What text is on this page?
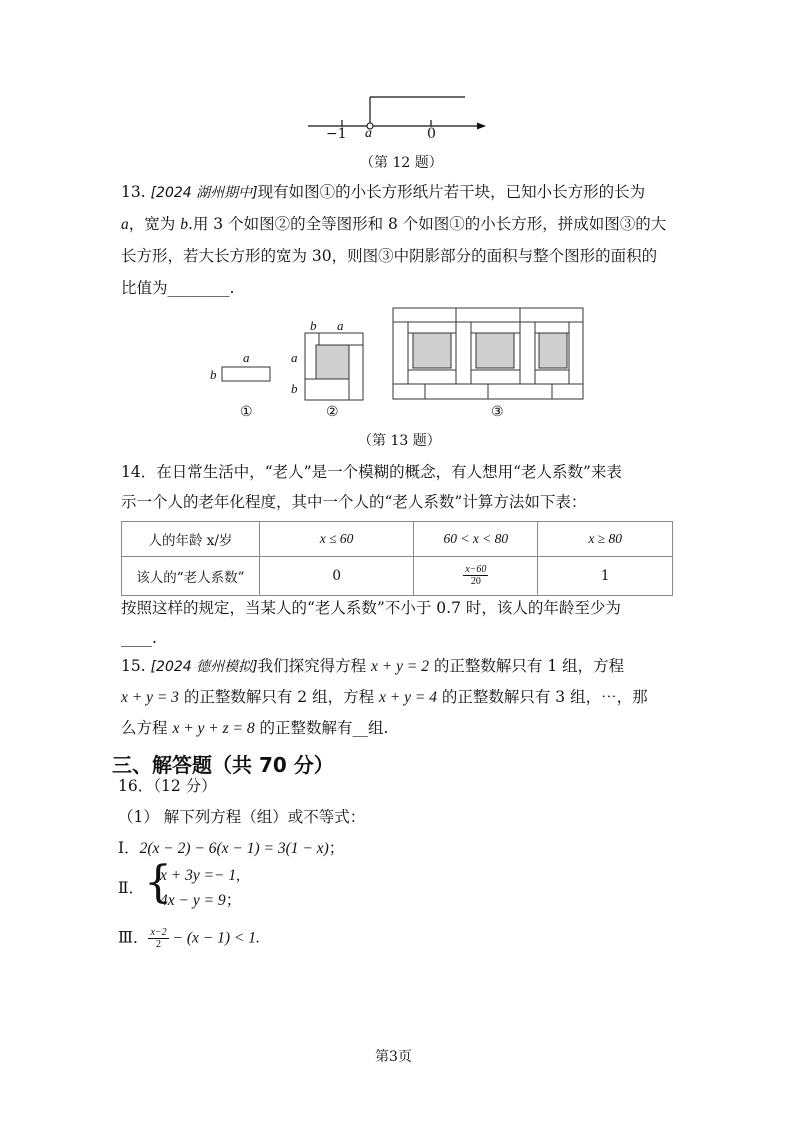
−1 a	0
（第 12 题）
13. [2024 湖州期中]现有如图①的小长方形纸片若干块，已知小长方形的长为
a，宽为 b.用 3 个如图②的全等图形和 8 个如图①的小长方形，拼成如图③的大
长方形，若大长方形的宽为 30，则图③中阴影部分的面积与整个图形的面积的
比值为________.
a
b
b a
a
b
①	②	③
（第 13 题）
14．在日常生活中，“老人”是一个模糊的概念，有人想用“老人系数”来表
示一个人的老年化程度，其中一个人的“老人系数”计算方法如下表：
人的年龄 x/岁	x ≤ 60	60 < x < 80	x ≥ 80
该人的“老人系数”	0	$\frac{x-60}{20}$	1
按照这样的规定，当某人的“老人系数”不小于 0.7 时，该人的年龄至少为
____.
15. [2024 德州模拟]我们探究得方程 x + y = 2 的正整数解只有 1 组，方程
x + y = 3 的正整数解只有 2 组，方程 x + y = 4 的正整数解只有 3 组，⋯，那
么方程 x + y + z = 8 的正整数解有__组.
三、解答题（共 70 分）
16．（12 分）
（1） 解下列方程（组）或不等式：
Ⅰ．2(x − 2) − 6(x − 1) = 3(1 − x)；
Ⅱ． {
x + 3y =− 1,
4x − y = 9；
Ⅲ． $\frac{x-2}{2} - (x - 1) < 1$.
第3页
